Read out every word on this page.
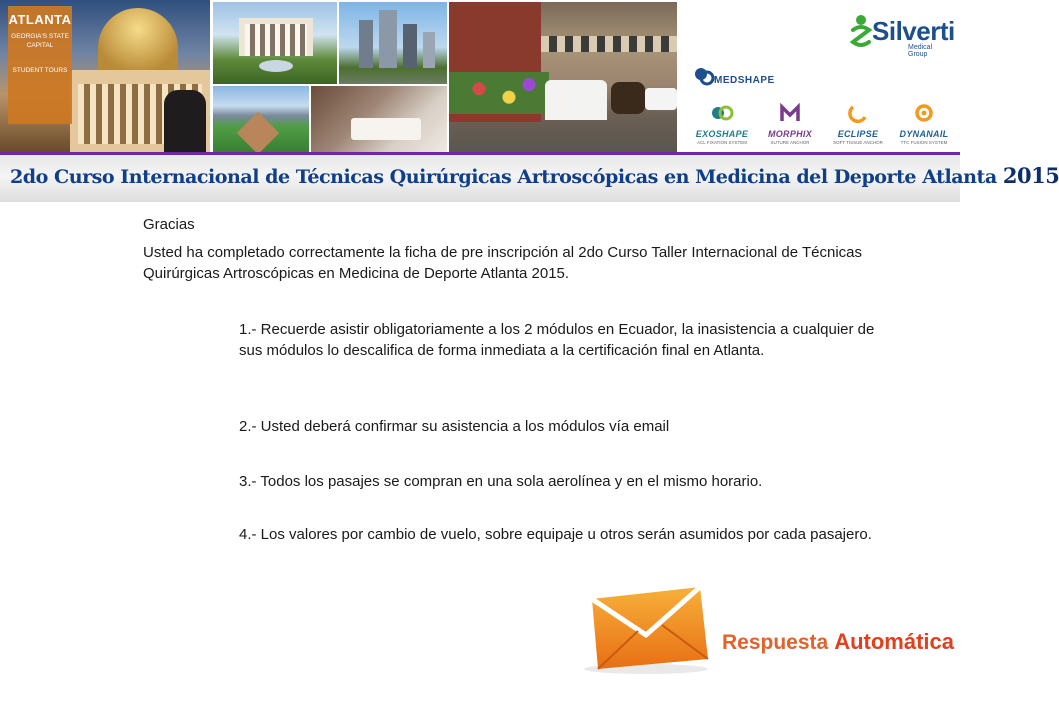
ATLANTA
GEORGIA'S STATE CAPITAL
STUDENT TOURS
Silverti
Medical Group
MEDSHAPE
EXOSHAPE
ACL FIXATION SYSTEM
MORPHIX
SUTURE ANCHOR
ECLIPSE
SOFT TISSUE ANCHOR
DYNANAIL
TTC FUSION SYSTEM
2do Curso Internacional de Técnicas Quirúrgicas Artroscópicas en Medicina del Deporte Atlanta 2015
Gracias
Usted ha completado correctamente la ficha de pre inscripción al 2do Curso Taller Internacional de Técnicas Quirúrgicas Artroscópicas en Medicina de Deporte Atlanta 2015.
1.- Recuerde asistir obligatoriamente a los 2 módulos en Ecuador, la inasistencia a cualquier de sus módulos lo descalifica de forma inmediata a la certificación final en Atlanta.
2.- Usted deberá confirmar su asistencia a los módulos vía email
3.- Todos los pasajes se compran en una sola aerolínea y en el mismo horario.
4.- Los valores por cambio de vuelo, sobre equipaje u otros serán asumidos por cada pasajero.
Respuesta Automática
